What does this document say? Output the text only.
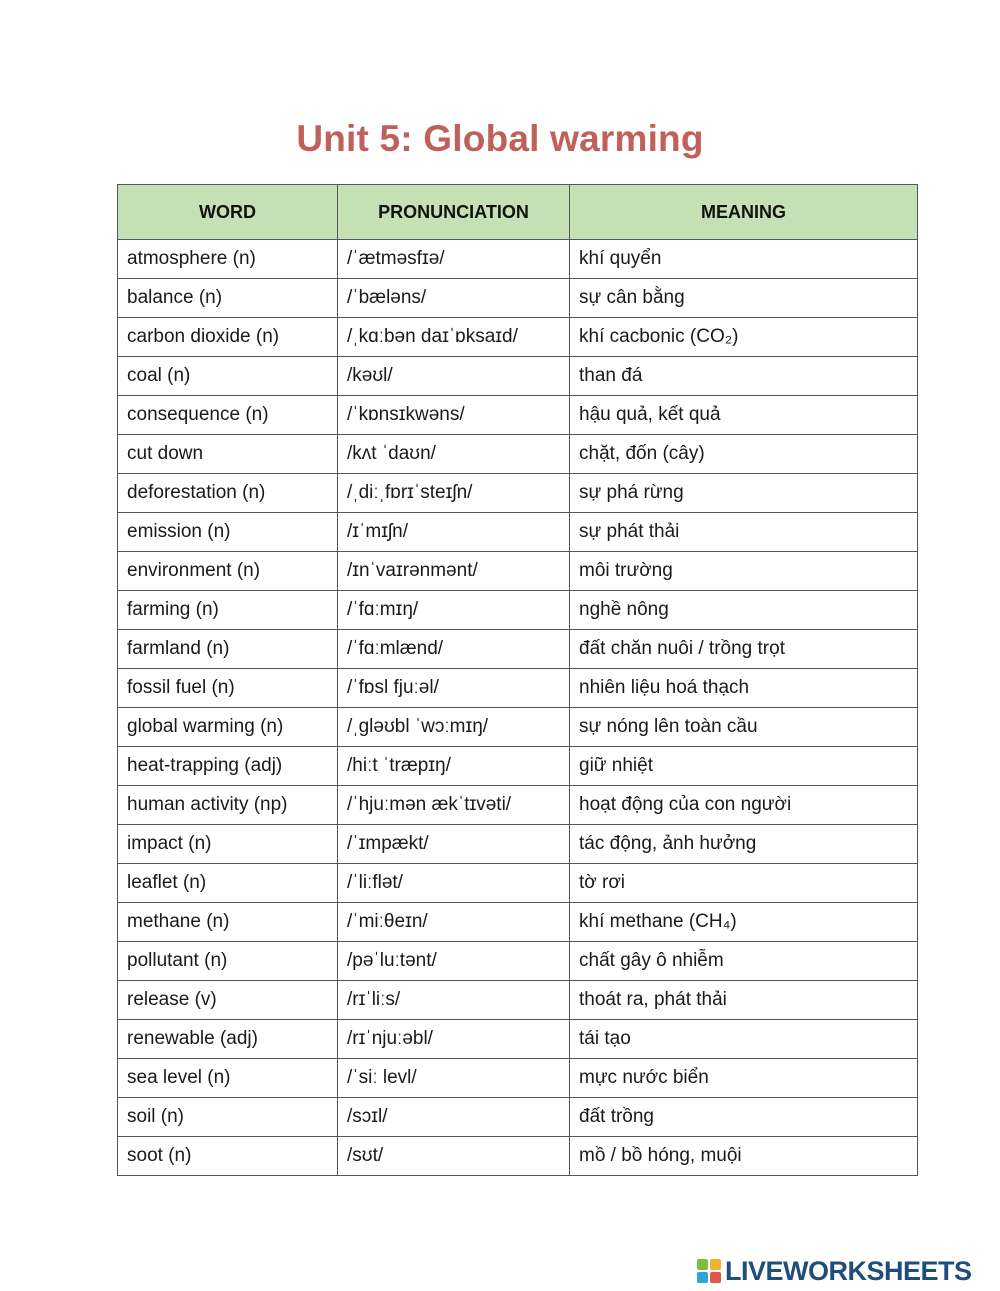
Unit 5: Global warming
WORD	PRONUNCIATION	MEANING
atmosphere (n)	/ˈætməsfɪə/	khí quyển
balance (n)	/ˈbæləns/	sự cân bằng
carbon dioxide (n)	/ˌkɑːbən daɪˈɒksaɪd/	khí cacbonic (CO₂)
coal (n)	/kəʊl/	than đá
consequence (n)	/ˈkɒnsɪkwəns/	hậu quả, kết quả
cut down	/kʌt ˈdaʊn/	chặt, đốn (cây)
deforestation (n)	/ˌdiːˌfɒrɪˈsteɪʃn/	sự phá rừng
emission (n)	/ɪˈmɪʃn/	sự phát thải
environment (n)	/ɪnˈvaɪrənmənt/	môi trường
farming (n)	/ˈfɑːmɪŋ/	nghề nông
farmland (n)	/ˈfɑːmlænd/	đất chăn nuôi / trồng trọt
fossil fuel (n)	/ˈfɒsl fjuːəl/	nhiên liệu hoá thạch
global warming (n)	/ˌgləʊbl ˈwɔːmɪŋ/	sự nóng lên toàn cầu
heat-trapping (adj)	/hiːt ˈtræpɪŋ/	giữ nhiệt
human activity (np)	/ˈhjuːmən ækˈtɪvəti/	hoạt động của con người
impact (n)	/ˈɪmpækt/	tác động, ảnh hưởng
leaflet (n)	/ˈliːflət/	tờ rơi
methane (n)	/ˈmiːθeɪn/	khí methane (CH₄)
pollutant (n)	/pəˈluːtənt/	chất gây ô nhiễm
release (v)	/rɪˈliːs/	thoát ra, phát thải
renewable (adj)	/rɪˈnjuːəbl/	tái tạo
sea level (n)	/ˈsiː levl/	mực nước biển
soil (n)	/sɔɪl/	đất trồng
soot (n)	/sʊt/	mồ / bồ hóng, muội
LIVEWORKSHEETS
